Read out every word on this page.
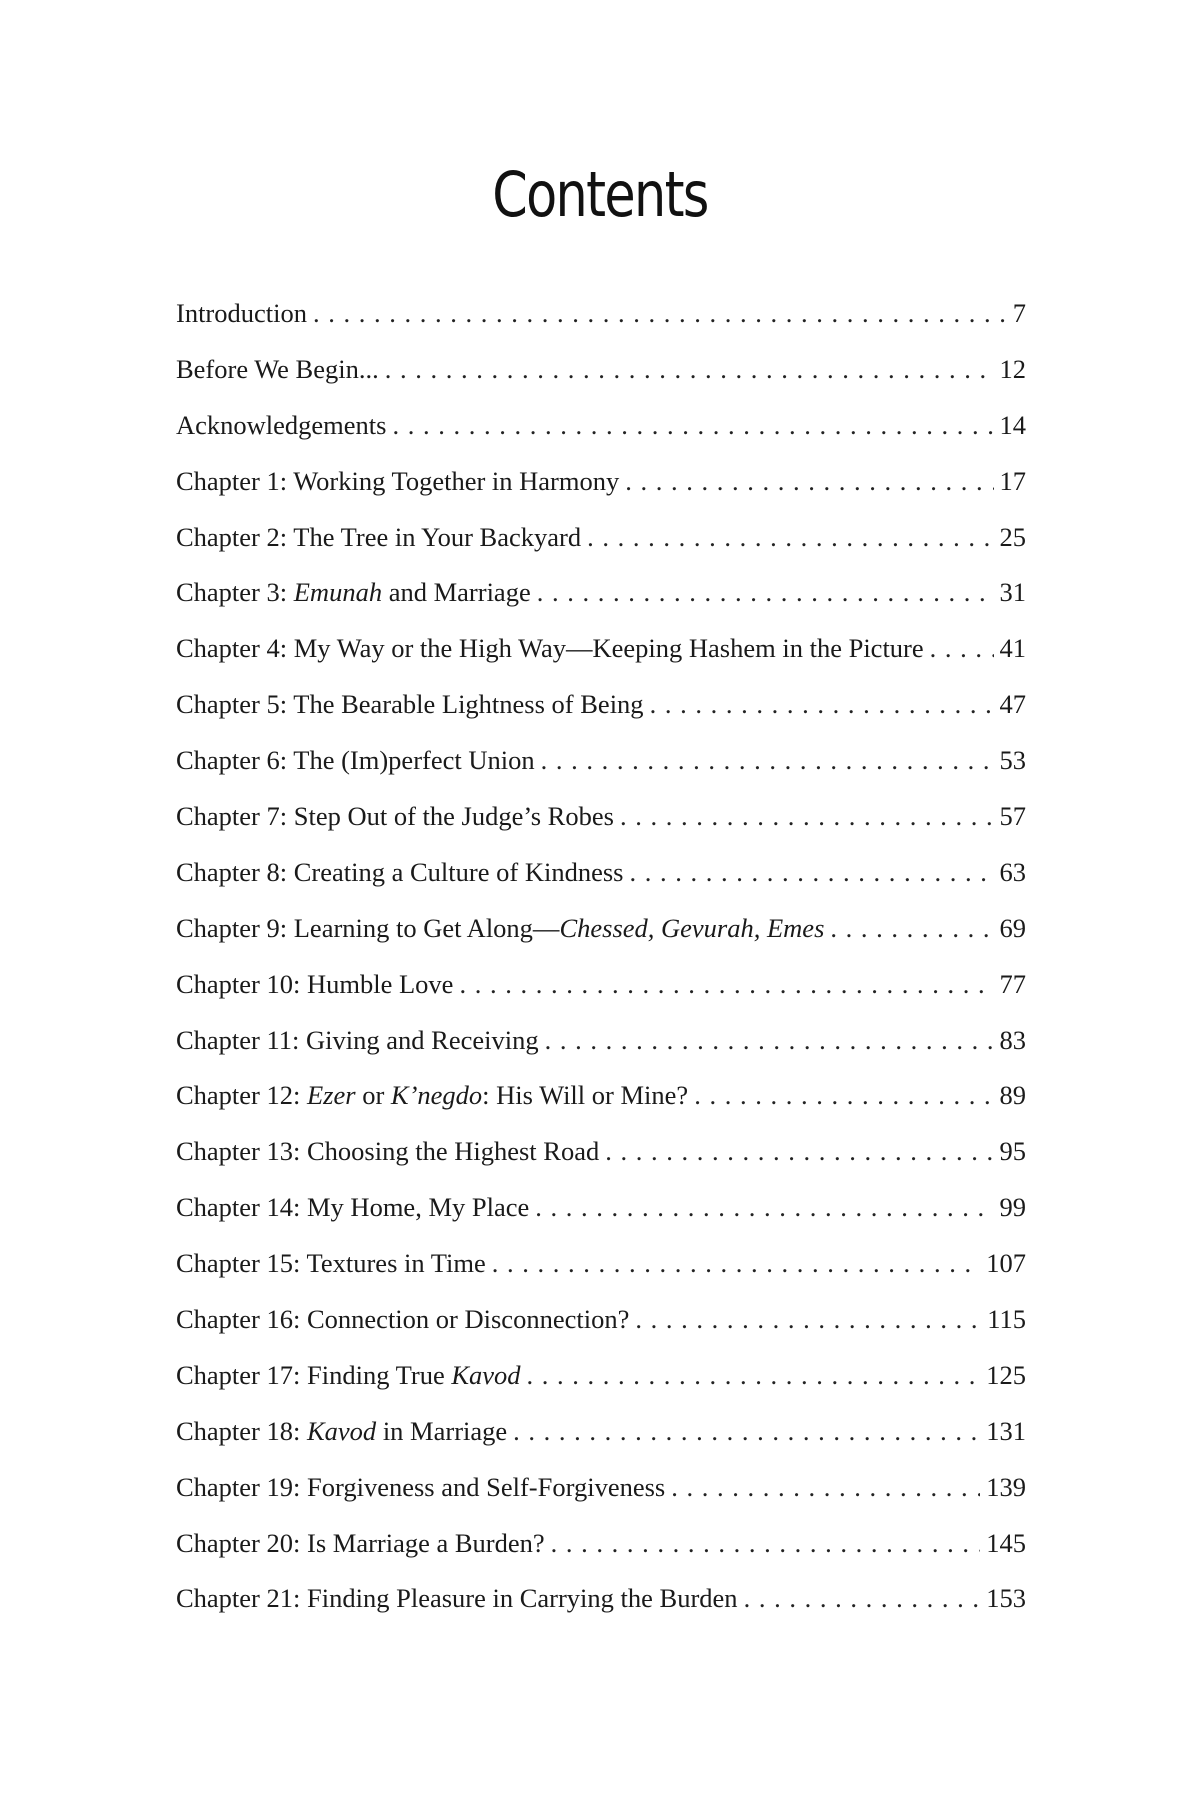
Contents
Introduction . . .	7
Before We Begin... . . .	12
Acknowledgements . . .	14
Chapter 1: Working Together in Harmony . . .	17
Chapter 2: The Tree in Your Backyard . . .	25
Chapter 3: Emunah and Marriage . . .	31
Chapter 4: My Way or the High Way—Keeping Hashem in the Picture . . .	41
Chapter 5: The Bearable Lightness of Being . . .	47
Chapter 6: The (Im)perfect Union . . .	53
Chapter 7: Step Out of the Judge’s Robes . . .	57
Chapter 8: Creating a Culture of Kindness . . .	63
Chapter 9: Learning to Get Along—Chessed, Gevurah, Emes . . .	69
Chapter 10: Humble Love . . .	77
Chapter 11: Giving and Receiving . . .	83
Chapter 12: Ezer or K’negdo: His Will or Mine? . . .	89
Chapter 13: Choosing the Highest Road . . .	95
Chapter 14: My Home, My Place . . .	99
Chapter 15: Textures in Time . . .	107
Chapter 16: Connection or Disconnection? . . .	115
Chapter 17: Finding True Kavod . . .	125
Chapter 18: Kavod in Marriage . . .	131
Chapter 19: Forgiveness and Self-Forgiveness . . .	139
Chapter 20: Is Marriage a Burden? . . .	145
Chapter 21: Finding Pleasure in Carrying the Burden . . .	153
